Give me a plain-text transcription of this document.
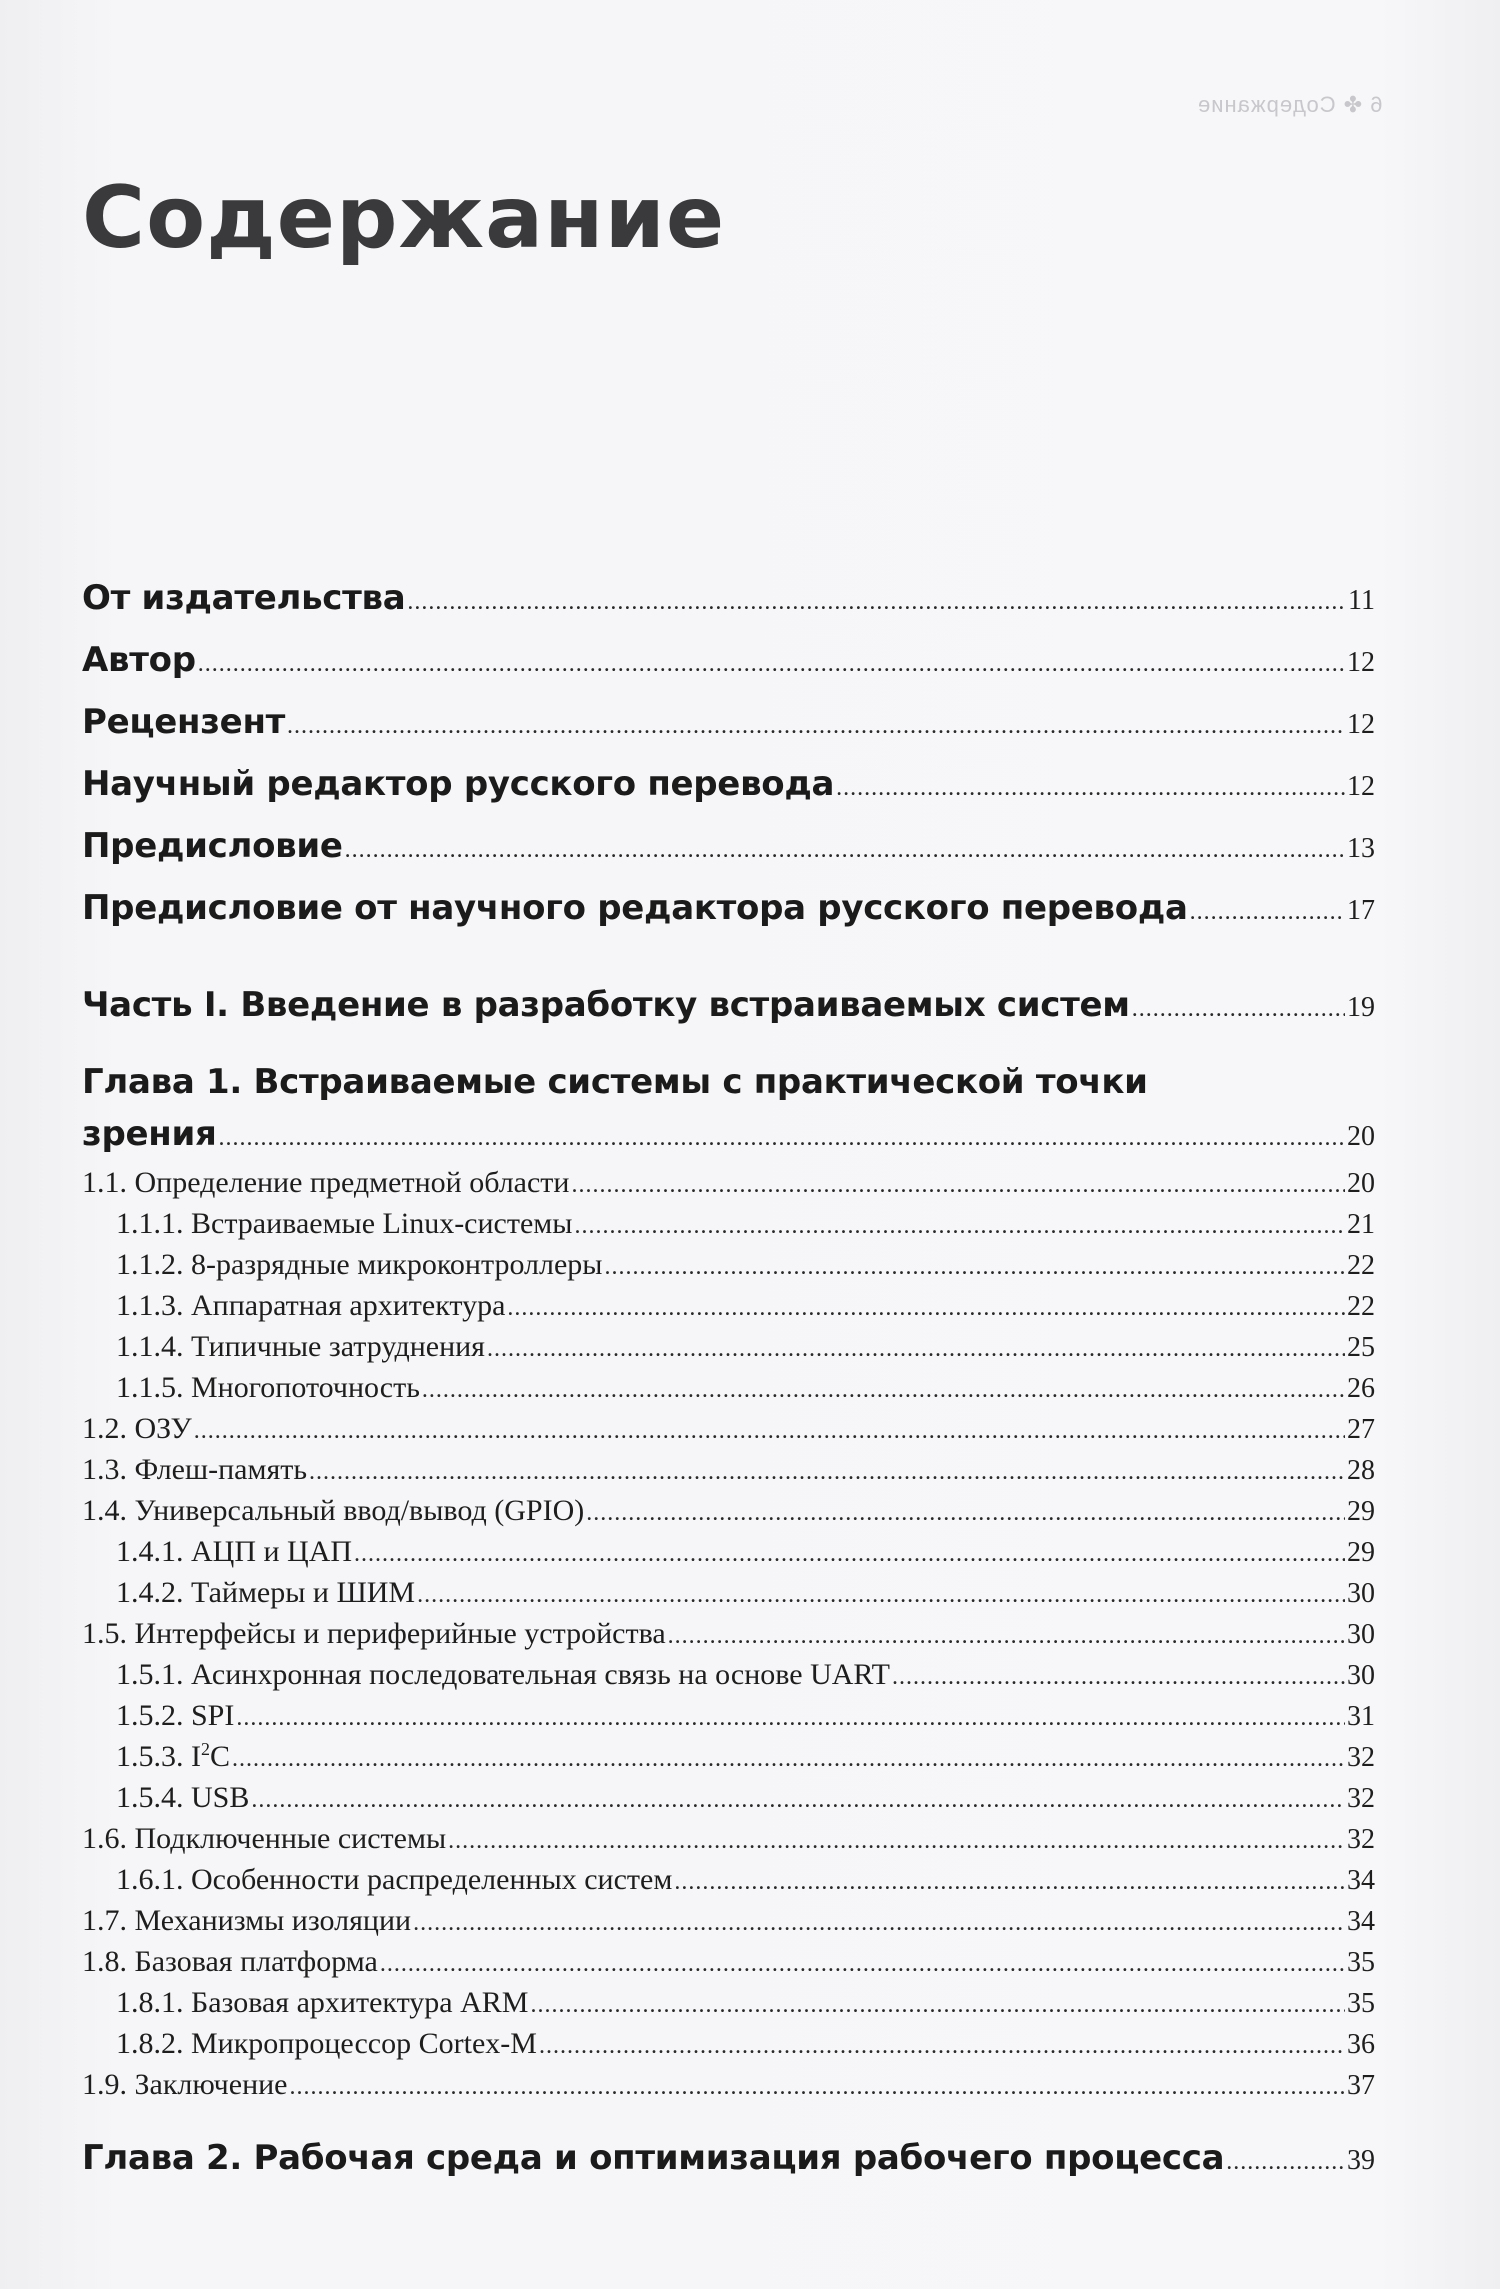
6 ✤ Содержание
Содержание
От издательства .....	11
Автор .....	12
Рецензент .....	12
Научный редактор русского перевода .....	12
Предисловие .....	13
Предисловие от научного редактора русского перевода .....	17
Часть I. Введение в разработку встраиваемых систем .....	19
Глава 1. Встраиваемые системы с практической точки
зрения .....	20
1.1. Определение предметной области .....	20
1.1.1. Встраиваемые Linux-системы .....	21
1.1.2. 8-разрядные микроконтроллеры .....	22
1.1.3. Аппаратная архитектура .....	22
1.1.4. Типичные затруднения .....	25
1.1.5. Многопоточность .....	26
1.2. ОЗУ .....	27
1.3. Флеш-память .....	28
1.4. Универсальный ввод/вывод (GPIO) .....	29
1.4.1. АЦП и ЦАП .....	29
1.4.2. Таймеры и ШИМ .....	30
1.5. Интерфейсы и периферийные устройства .....	30
1.5.1. Асинхронная последовательная связь на основе UART .....	30
1.5.2. SPI .....	31
1.5.3. $I^2C$ .....	32
1.5.4. USB .....	32
1.6. Подключенные системы .....	32
1.6.1. Особенности распределенных систем .....	34
1.7. Механизмы изоляции .....	34
1.8. Базовая платформа .....	35
1.8.1. Базовая архитектура ARM .....	35
1.8.2. Микропроцессор Cortex-M .....	36
1.9. Заключение .....	37
Глава 2. Рабочая среда и оптимизация рабочего процесса .....	39
